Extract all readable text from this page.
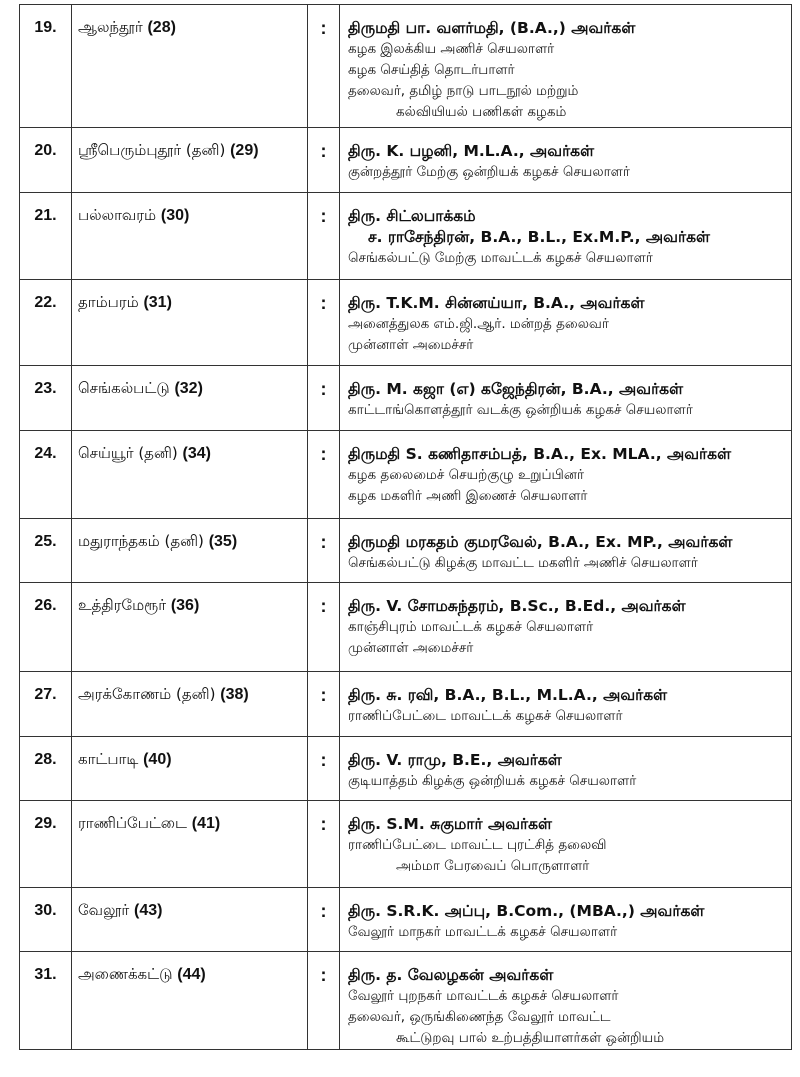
19.	ஆலந்தூர் (28)	:	திருமதி பா. வளர்மதி, (B.A.,) அவர்கள்
கழக இலக்கிய அணிச் செயலாளர்
கழக செய்தித் தொடர்பாளர்
தலைவர், தமிழ் நாடு பாடநூல் மற்றும்
கல்வியியல் பணிகள் கழகம்

20.	ஸ்ரீபெரும்புதூர் (தனி) (29)	:	திரு. K. பழனி, M.L.A., அவர்கள்
குன்றத்தூர் மேற்கு ஒன்றியக் கழகச் செயலாளர்

21.	பல்லாவரம் (30)	:	திரு. சிட்லபாக்கம்
ச. ராசேந்திரன், B.A., B.L., Ex.M.P., அவர்கள்
செங்கல்பட்டு மேற்கு மாவட்டக் கழகச் செயலாளர்

22.	தாம்பரம் (31)	:	திரு. T.K.M. சின்னய்யா, B.A., அவர்கள்
அனைத்துலக எம்.ஜி.ஆர். மன்றத் தலைவர்
முன்னாள் அமைச்சர்

23.	செங்கல்பட்டு (32)	:	திரு. M. கஜா (எ) கஜேந்திரன், B.A., அவர்கள்
காட்டாங்கொளத்தூர் வடக்கு ஒன்றியக் கழகச் செயலாளர்

24.	செய்யூர் (தனி) (34)	:	திருமதி S. கணிதாசம்பத், B.A., Ex. MLA., அவர்கள்
கழக தலைமைச் செயற்குழு உறுப்பினர்
கழக மகளிர் அணி இணைச் செயலாளர்

25.	மதுராந்தகம் (தனி) (35)	:	திருமதி மரகதம் குமரவேல், B.A., Ex. MP., அவர்கள்
செங்கல்பட்டு கிழக்கு மாவட்ட மகளிர் அணிச் செயலாளர்

26.	உத்திரமேரூர் (36)	:	திரு. V. சோமசுந்தரம், B.Sc., B.Ed., அவர்கள்
காஞ்சிபுரம் மாவட்டக் கழகச் செயலாளர்
முன்னாள் அமைச்சர்

27.	அரக்கோணம் (தனி) (38)	:	திரு. சு. ரவி, B.A., B.L., M.L.A., அவர்கள்
ராணிப்பேட்டை மாவட்டக் கழகச் செயலாளர்

28.	காட்பாடி (40)	:	திரு. V. ராமு, B.E., அவர்கள்
குடியாத்தம் கிழக்கு ஒன்றியக் கழகச் செயலாளர்

29.	ராணிப்பேட்டை (41)	:	திரு. S.M. சுகுமார் அவர்கள்
ராணிப்பேட்டை மாவட்ட புரட்சித் தலைவி
அம்மா பேரவைப் பொருளாளர்

30.	வேலூர் (43)	:	திரு. S.R.K. அப்பு, B.Com., (MBA.,) அவர்கள்
வேலூர் மாநகர் மாவட்டக் கழகச் செயலாளர்

31.	அணைக்கட்டு (44)	:	திரு. த. வேலழகன் அவர்கள்
வேலூர் புறநகர் மாவட்டக் கழகச் செயலாளர்
தலைவர், ஒருங்கிணைந்த வேலூர் மாவட்ட
கூட்டுறவு பால் உற்பத்தியாளர்கள் ஒன்றியம்
